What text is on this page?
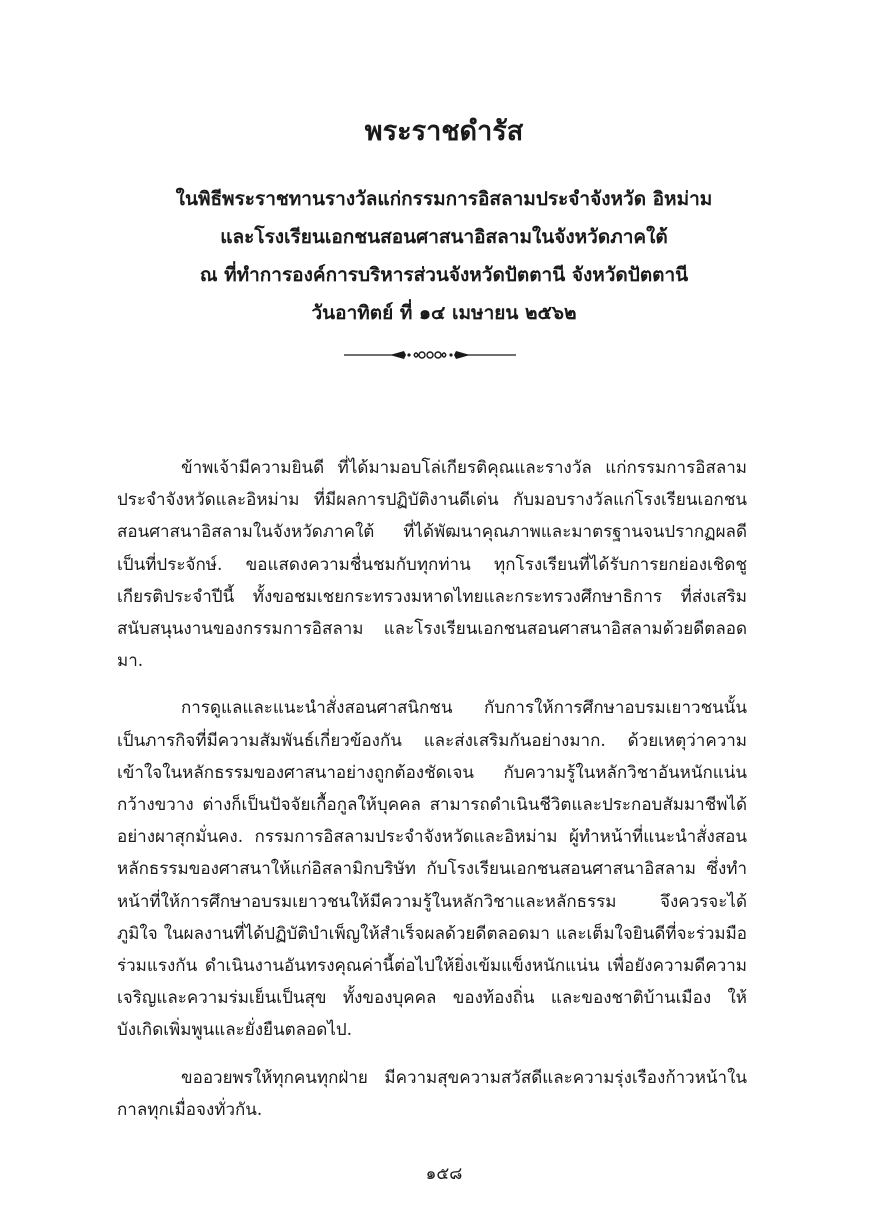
พระราชดำรัส
ในพิธีพระราชทานรางวัลแก่กรรมการอิสลามประจำจังหวัด อิหม่าม
และโรงเรียนเอกชนสอนศาสนาอิสลามในจังหวัดภาคใต้
ณ ที่ทำการองค์การบริหารส่วนจังหวัดปัตตานี จังหวัดปัตตานี
วันอาทิตย์ ที่ ๑๔ เมษายน ๒๕๖๒

ข้าพเจ้ามีความยินดี ที่ได้มามอบโล่เกียรติคุณและรางวัล แก่กรรมการอิสลามประจำจังหวัดและอิหม่าม ที่มีผลการปฏิบัติงานดีเด่น กับมอบรางวัลแก่โรงเรียนเอกชนสอนศาสนาอิสลามในจังหวัดภาคใต้ ที่ได้พัฒนาคุณภาพและมาตรฐานจนปรากฏผลดีเป็นที่ประจักษ์. ขอแสดงความชื่นชมกับทุกท่าน ทุกโรงเรียนที่ได้รับการยกย่องเชิดชูเกียรติประจำปีนี้ ทั้งขอชมเชยกระทรวงมหาดไทยและกระทรวงศึกษาธิการ ที่ส่งเสริมสนับสนุนงานของกรรมการอิสลาม และโรงเรียนเอกชนสอนศาสนาอิสลามด้วยดีตลอดมา.

การดูแลและแนะนำสั่งสอนศาสนิกชน กับการให้การศึกษาอบรมเยาวชนนั้นเป็นภารกิจที่มีความสัมพันธ์เกี่ยวข้องกัน และส่งเสริมกันอย่างมาก. ด้วยเหตุว่าความเข้าใจในหลักธรรมของศาสนาอย่างถูกต้องชัดเจน กับความรู้ในหลักวิชาอันหนักแน่นกว้างขวาง ต่างก็เป็นปัจจัยเกื้อกูลให้บุคคล สามารถดำเนินชีวิตและประกอบสัมมาชีพได้อย่างผาสุกมั่นคง. กรรมการอิสลามประจำจังหวัดและอิหม่าม ผู้ทำหน้าที่แนะนำสั่งสอนหลักธรรมของศาสนาให้แก่อิสลามิกบริษัท กับโรงเรียนเอกชนสอนศาสนาอิสลาม ซึ่งทำหน้าที่ให้การศึกษาอบรมเยาวชนให้มีความรู้ในหลักวิชาและหลักธรรม จึงควรจะได้ภูมิใจ ในผลงานที่ได้ปฏิบัติบำเพ็ญให้สำเร็จผลด้วยดีตลอดมา และเต็มใจยินดีที่จะร่วมมือร่วมแรงกัน ดำเนินงานอันทรงคุณค่านี้ต่อไปให้ยิ่งเข้มแข็งหนักแน่น เพื่อยังความดีความเจริญและความร่มเย็นเป็นสุข ทั้งของบุคคล ของท้องถิ่น และของชาติบ้านเมือง ให้บังเกิดเพิ่มพูนและยั่งยืนตลอดไป.

ขออวยพรให้ทุกคนทุกฝ่าย มีความสุขความสวัสดีและความรุ่งเรืองก้าวหน้าในกาลทุกเมื่อจงทั่วกัน.

๑๕๘
